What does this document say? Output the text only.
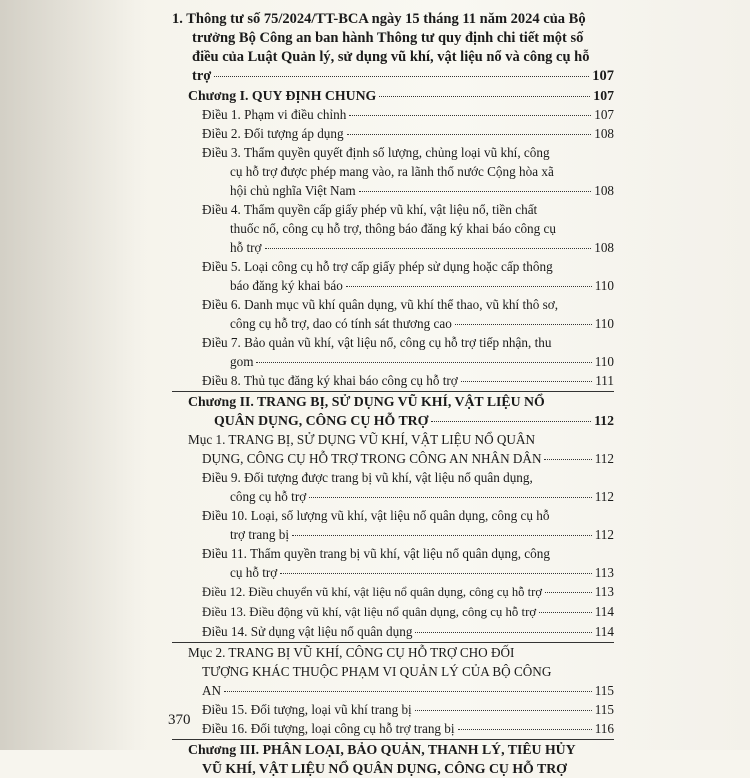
1. Thông tư số 75/2024/TT-BCA ngày 15 tháng 11 năm 2024 của Bộ
trưởng Bộ Công an ban hành Thông tư quy định chi tiết một số
điều của Luật Quản lý, sử dụng vũ khí, vật liệu nổ và công cụ hỗ
trợ	107
Chương I. QUY ĐỊNH CHUNG	107
Điều 1. Phạm vi điều chỉnh	107
Điều 2. Đối tượng áp dụng	108
Điều 3. Thẩm quyền quyết định số lượng, chủng loại vũ khí, công
cụ hỗ trợ được phép mang vào, ra lãnh thổ nước Cộng hòa xã
hội chủ nghĩa Việt Nam	108
Điều 4. Thẩm quyền cấp giấy phép vũ khí, vật liệu nổ, tiền chất
thuốc nổ, công cụ hỗ trợ, thông báo đăng ký khai báo công cụ
hỗ trợ	108
Điều 5. Loại công cụ hỗ trợ cấp giấy phép sử dụng hoặc cấp thông
báo đăng ký khai báo	110
Điều 6. Danh mục vũ khí quân dụng, vũ khí thể thao, vũ khí thô sơ,
công cụ hỗ trợ, dao có tính sát thương cao	110
Điều 7. Bảo quản vũ khí, vật liệu nổ, công cụ hỗ trợ tiếp nhận, thu
gom	110
Điều 8. Thủ tục đăng ký khai báo công cụ hỗ trợ	111
Chương II. TRANG BỊ, SỬ DỤNG VŨ KHÍ, VẬT LIỆU NỔ
QUÂN DỤNG, CÔNG CỤ HỖ TRỢ	112
Mục 1. TRANG BỊ, SỬ DỤNG VŨ KHÍ, VẬT LIỆU NỔ QUÂN
DỤNG, CÔNG CỤ HỖ TRỢ TRONG CÔNG AN NHÂN DÂN	112
Điều 9. Đối tượng được trang bị vũ khí, vật liệu nổ quân dụng,
công cụ hỗ trợ	112
Điều 10. Loại, số lượng vũ khí, vật liệu nổ quân dụng, công cụ hỗ
trợ trang bị	112
Điều 11. Thẩm quyền trang bị vũ khí, vật liệu nổ quân dụng, công
cụ hỗ trợ	113
Điều 12. Điều chuyển vũ khí, vật liệu nổ quân dụng, công cụ hỗ trợ	113
Điều 13. Điều động vũ khí, vật liệu nổ quân dụng, công cụ hỗ trợ	114
Điều 14. Sử dụng vật liệu nổ quân dụng	114
Mục 2. TRANG BỊ VŨ KHÍ, CÔNG CỤ HỖ TRỢ CHO ĐỐI
TƯỢNG KHÁC THUỘC PHẠM VI QUẢN LÝ CỦA BỘ CÔNG
AN	115
Điều 15. Đối tượng, loại vũ khí trang bị	115
Điều 16. Đối tượng, loại công cụ hỗ trợ trang bị	116
Chương III. PHÂN LOẠI, BẢO QUẢN, THANH LÝ, TIÊU HỦY
VŨ KHÍ, VẬT LIỆU NỔ QUÂN DỤNG, CÔNG CỤ HỖ TRỢ
370
